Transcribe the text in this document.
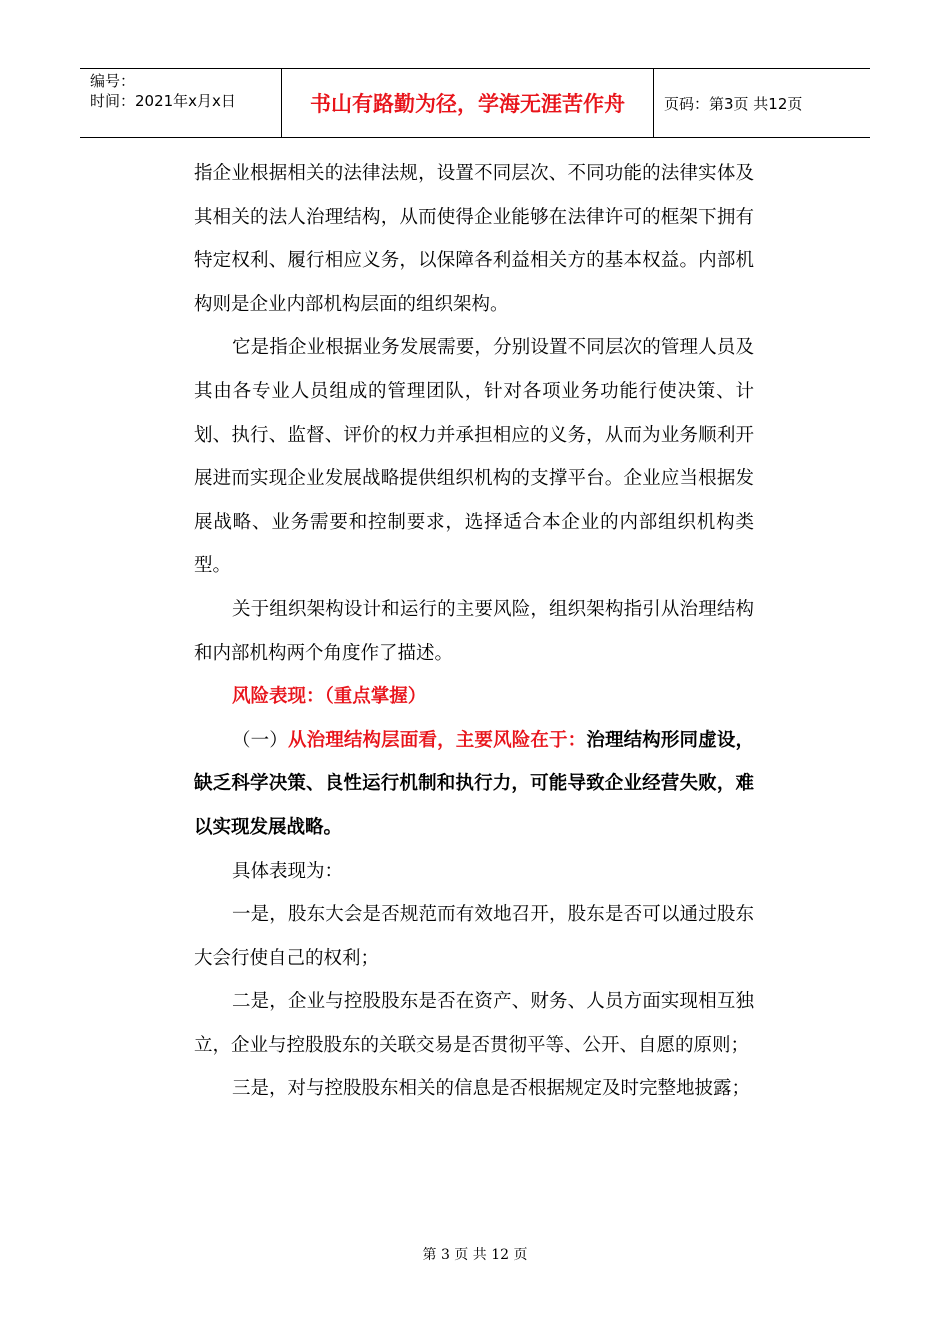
编号：
时间：2021年x月x日	书山有路勤为径，学海无涯苦作舟	页码：第3页 共12页

指企业根据相关的法律法规，设置不同层次、不同功能的法律实体及其相关的法人治理结构，从而使得企业能够在法律许可的框架下拥有特定权利、履行相应义务，以保障各利益相关方的基本权益。内部机构则是企业内部机构层面的组织架构。

它是指企业根据业务发展需要，分别设置不同层次的管理人员及其由各专业人员组成的管理团队，针对各项业务功能行使决策、计划、执行、监督、评价的权力并承担相应的义务，从而为业务顺利开展进而实现企业发展战略提供组织机构的支撑平台。企业应当根据发展战略、业务需要和控制要求，选择适合本企业的内部组织机构类型。

关于组织架构设计和运行的主要风险，组织架构指引从治理结构和内部机构两个角度作了描述。

风险表现：（重点掌握）

（一）从治理结构层面看，主要风险在于：治理结构形同虚设，缺乏科学决策、良性运行机制和执行力，可能导致企业经营失败，难以实现发展战略。

具体表现为：

一是，股东大会是否规范而有效地召开，股东是否可以通过股东大会行使自己的权利；

二是，企业与控股股东是否在资产、财务、人员方面实现相互独立，企业与控股股东的关联交易是否贯彻平等、公开、自愿的原则；

三是，对与控股股东相关的信息是否根据规定及时完整地披露；

第 3 页 共 12 页
